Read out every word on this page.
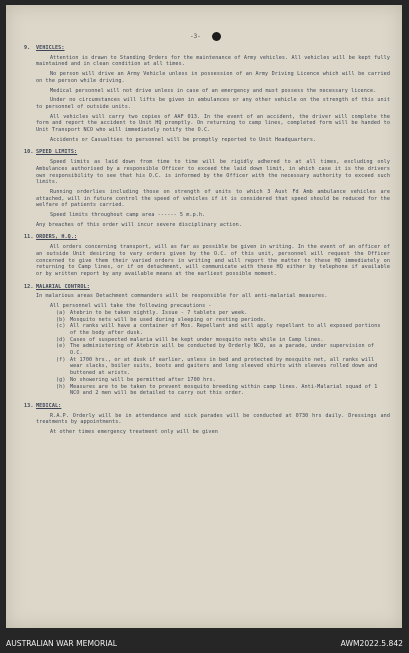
-3-
9.	VEHICLES:
Attention is drawn to Standing Orders for the maintenance of Army vehicles. All vehicles will be kept fully maintained and in clean condition at all times.
No person will drive an Army Vehicle unless in possession of an Army Driving Licence which will be carried on the person while driving.
Medical personnel will not drive unless in case of an emergency and must possess the necessary licence.
Under no circumstances will lifts be given in ambulances or any other vehicle on the strength of this unit to personnel of outside units.
All vehicles will carry two copies of AAF 013. In the event of an accident, the driver will complete the form and report the accident to Unit HQ promptly. On returning to camp lines, completed form will be handed to Unit Transport NCO who will immediately notify the O.C.
Accidents or Casualties to personnel will be promptly reported to Unit Headquarters.
10. SPEED LIMITS:
Speed limits as laid down from time to time will be rigidly adhered to at all times, excluding only Ambulances authorised by a responsible Officer to exceed the laid down limit, in which case it is the drivers own responsibility to see that his O.C. is informed by the Officer with the necessary authority to exceed such limits.
Running orderlies including those on strength of units to which 3 Aust Fd Amb ambulance vehicles are attached, will in future control the speed of vehicles if it is considered that speed should be reduced for the welfare of patients carried.
Speed limits throughout camp area ------ 5 m.p.h.
Any breaches of this order will incur severe disciplinary action.
11. ORDERS, H.Q.:
All orders concerning transport, will as far as possible be given in writing. In the event of an officer of an outside Unit desiring to vary orders given by the O.C. of this unit, personnel will request the Officer concerned to give them their varied orders in writing and will report the matter to these HQ immediately on returning to Camp lines, or if on detachment, will communicate with these HQ either by telephone if available or by written report by any available means at the earliest possible moment.
12. MALARIAL CONTROL:
In malarious areas Detachment commanders will be responsible for all anti-malarial measures.
All personnel will take the following precautions -
(a) Atebrin to be taken nightly. Issue - 7 tablets per week.
(b) Mosquito nets will be used during sleeping or resting periods.
(c) All ranks will have a container of Mos. Repellant and will apply repellant to all exposed portions of the body after dusk.
(d) Cases of suspected malaria will be kept under mosquito nets while in Camp lines.
(e) The administering of Atebrin will be conducted by Orderly NCO, as a parade, under supervision of O.C.
(f) At 1700 hrs., or at dusk if earlier, unless in bed and protected by mosquito net, all ranks will wear slacks, boiler suits, boots and gaiters and long sleeved shirts with sleeves rolled down and buttoned at wrists.
(g) No showering will be permitted after 1700 hrs.
(h) Measures are to be taken to prevent mosquito breeding within camp lines. Anti-Malarial squad of 1 NCO and 2 men will be detailed to carry out this order.
13. MEDICAL:
R.A.P. Orderly will be in attendance and sick parades will be conducted at 0730 hrs daily. Dressings and treatments by appointments.
At other times emergency treatment only will be given
AUSTRALIAN WAR MEMORIAL	AWM2022.5.842
